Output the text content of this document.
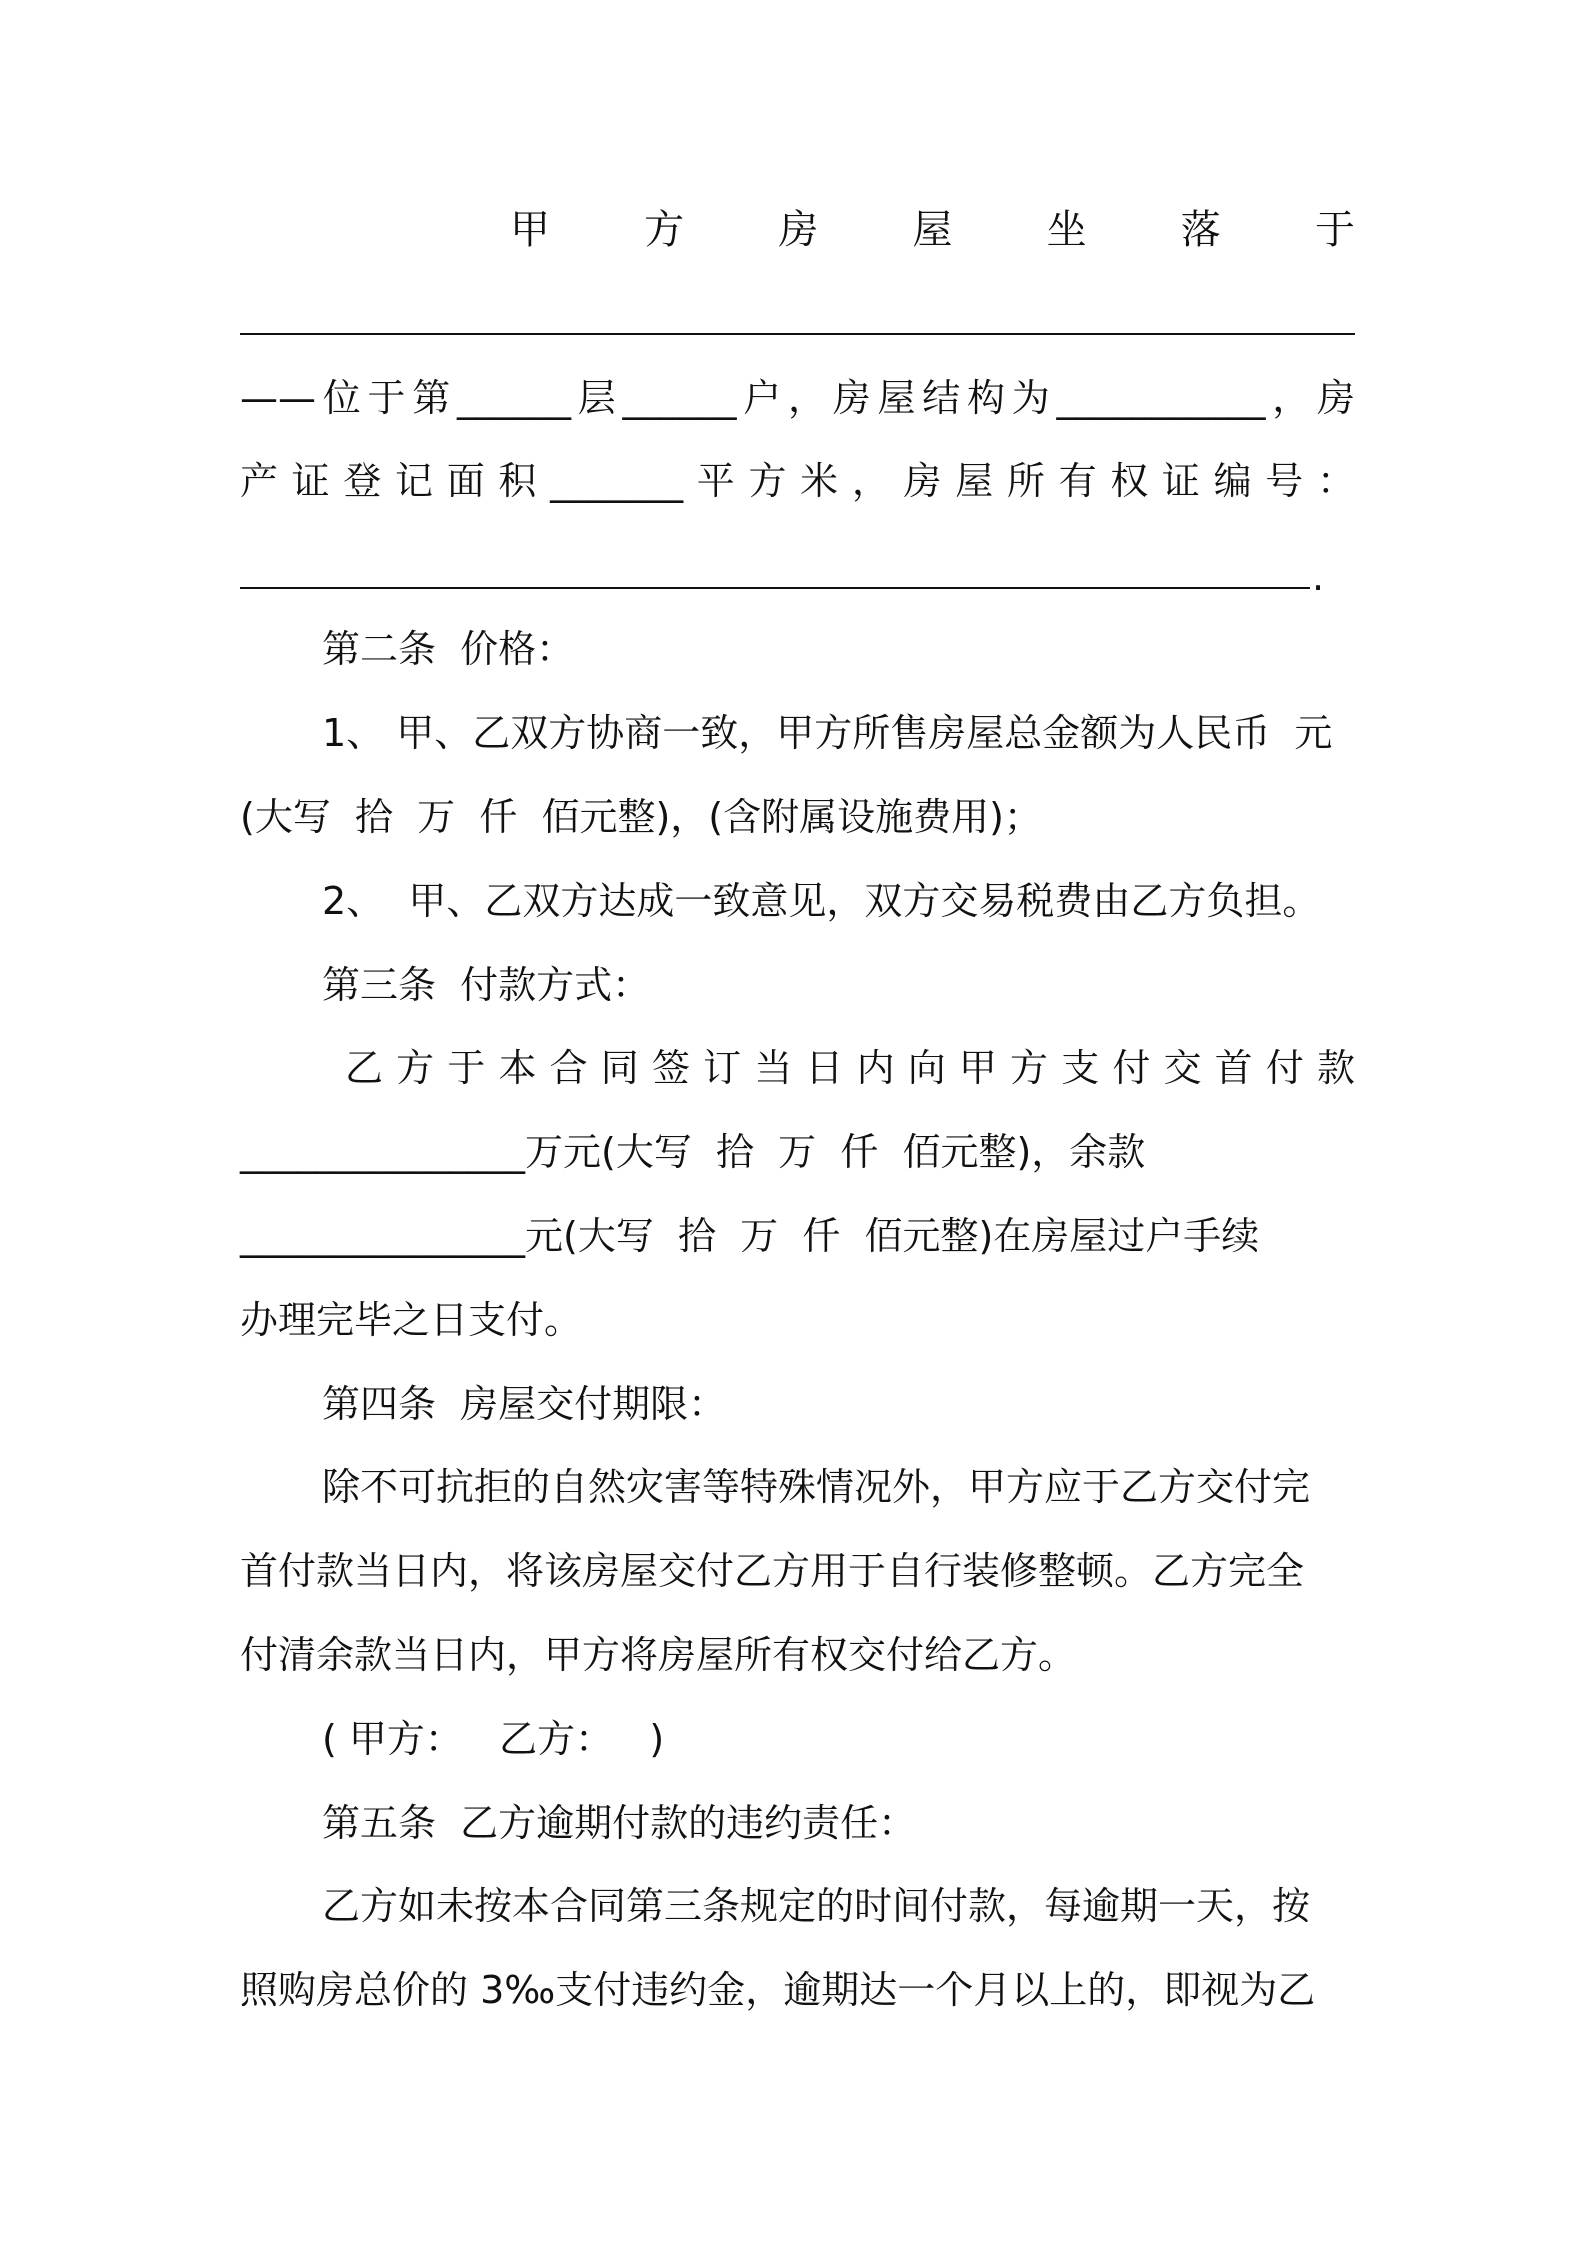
甲 方 房 屋 坐 落 于
——位于第______层______户，房屋结构为___________，房
产证登记面积_______平方米，房屋所有权证编号：
.
第二条  价格：
1、 甲、乙双方协商一致，甲方所售房屋总金额为人民币  元
(大写  拾  万  仟  佰元整)，(含附属设施费用)；
2、  甲、乙双方达成一致意见，双方交易税费由乙方负担。
第三条  付款方式：
乙方于本合同签订当日内向甲方支付交首付款
_______________万元(大写  拾  万  仟  佰元整)，余款
_______________元(大写  拾  万  仟  佰元整)在房屋过户手续
办理完毕之日支付。
第四条  房屋交付期限：
除不可抗拒的自然灾害等特殊情况外，甲方应于乙方交付完
首付款当日内，将该房屋交付乙方用于自行装修整顿。乙方完全
付清余款当日内，甲方将房屋所有权交付给乙方。
( 甲方：   乙方：   )
第五条  乙方逾期付款的违约责任：
乙方如未按本合同第三条规定的时间付款，每逾期一天，按
照购房总价的 3‰支付违约金，逾期达一个月以上的，即视为乙
